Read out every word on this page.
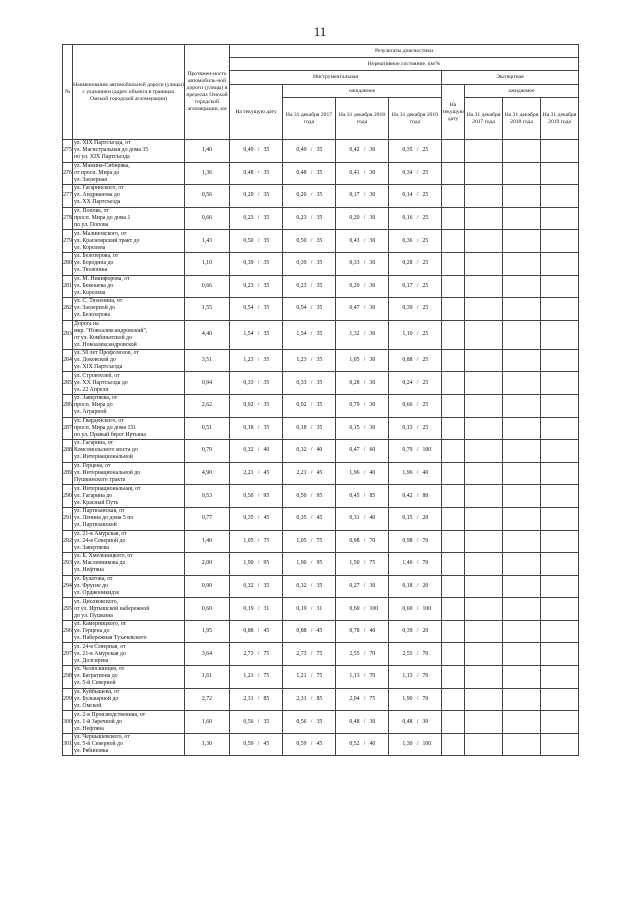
11
№	Наименование автомобильной дороги (улицы) с указанием (адрес объекта в границах Омской городской агломерации)	Протяжен-ность автомобиль-ной дороги (улицы) в пределах Омской городской агломерации, км	Результаты диагностики							
			Нормативное состояние, км/%							
			Инструментальная				Экспертная			
			На текущую дату	ожидаемое			На текущую дату	ожидаемое		
				На 31 декабря 2017 года	На 31 декабря 2018 года	На 31 декабря 2019 года		На 31 декабря 2017 года	На 31 декабря 2018 года	На 31 декабря 2019 года
275	ул. XIX Партсъезда, от
ул. Магистральная до дома 35
по ул. XIX Партсъезда	1,40	0,49 / 35	0,49 / 35	0,42 / 30	0,35 / 25				
276	ул. Мамина-Сибиряка,
от просп. Мира до
ул. Заозерная	1,36	0,48 / 35	0,48 / 35	0,41 / 30	0,34 / 25				
277	ул. Гагаринского, от
ул. Андрианова до
ул. XX Партсъезда	0,56	0,20 / 35	0,20 / 35	0,17 / 30	0,14 / 25				
278	ул. Попова, от
просп. Мира до дома 1
по ул. Попова	0,66	0,23 / 35	0,23 / 35	0,20 / 30	0,16 / 25				
279	ул. Малиновского, от
ул. Красноярский тракт до
ул. Королева	1,43	0,50 / 35	0,50 / 35	0,43 / 30	0,36 / 25				
280	ул. Белозерова, от
ул. Бородина до
ул. Тюленина	1,10	0,39 / 35	0,39 / 35	0,33 / 30	0,28 / 25				
281	ул. М. Никифорова, от
ул. Бекешева до
ул. Королева	0,66	0,23 / 35	0,23 / 35	0,20 / 30	0,17 / 25				
282	ул. С. Тюленина, от
ул. Заозерной до
ул. Белозерова	1,55	0,54 / 35	0,54 / 35	0,47 / 30	0,39 / 25				
283	Дорога на
мкр. "Новоалександровский",
от ул. Комбинатской до
ул. Новоалександровской	4,40	1,54 / 35	1,54 / 35	1,32 / 30	1,10 / 25				
284	ул. 50 лет Профсоюзов, от
ул. Доковской до
ул. XIX Партсъезда	3,51	1,23 / 35	1,23 / 35	1,05 / 30	0,88 / 25				
285	ул. Строителей, от
ул. XX Партсъезда до
ул. 22 Апреля	0,94	0,33 / 35	0,33 / 35	0,28 / 30	0,24 / 25				
286	ул. Завертяева, от
просп. Мира до
ул. Аграрной	2,62	0,92 / 35	0,92 / 35	0,79 / 30	0,66 / 25				
287	ул. Гвардейского, от
просп. Мира до дома 151
по ул. Правый берег Иртыша	0,51	0,18 / 35	0,18 / 35	0,15 / 30	0,13 / 25				
288	ул. Гагарина, от
Комсомольского моста до
ул. Интернациональной	0,79	0,32 / 40	0,32 / 40	0,47 / 60	0,79 / 100				
289	ул. Герцена, от
ул. Интернациональной до
Пушкинского тракта	4,90	2,21 / 45	2,21 / 45	1,96 / 40	1,96 / 40				
290	ул. Интернациональная, от
ул. Гагарина до
ул. Красный Путь	0,53	0,50 / 95	0,50 / 95	0,45 / 85	0,42 / 80				
291	ул. Партизанская, от
ул. Ленина до дома 5 по
ул. Партизанской	0,77	0,35 / 45	0,35 / 45	0,31 / 40	0,15 / 20				
292	ул. 21-я Амурская, от
ул. 24-я Северной до
ул. Завертяева	1,40	1,05 / 75	1,05 / 75	0,98 / 70	0,98 / 70				
293	ул. Б. Хмельницкого, от
ул. Масленникова до
ул. Нефтяна	2,00	1,90 / 95	1,90 / 95	1,50 / 75	1,40 / 70				
294	ул. Булатова, от
ул. Фрунзе до
ул. Орджоникидзе	0,90	0,32 / 35	0,32 / 35	0,27 / 30	0,18 / 20				
295	ул. Циолковского,
от ул. Иртышской набережной
до ул. Пушкина	0,60	0,19 / 31	0,19 / 31	0,60 / 100	0,60 / 100				
296	ул. Камерницкого, от
ул. Герцена до
ул. Набережная Тухачевского	1,95	0,88 / 45	0,88 / 45	0,78 / 40	0,39 / 20				
297	ул. 24-я Северная, от
ул. 21-я Амурская до
ул. Долгирева	3,64	2,73 / 75	2,73 / 75	2,55 / 70	2,55 / 70				
298	ул. Челюскинцев, от
ул. Багратиона до
ул. 5-й Северной	1,61	1,21 / 75	1,21 / 75	1,13 / 70	1,13 / 70				
299	ул. Куйбышева, от
ул. Бульварной до
ул. Омской	2,72	2,31 / 85	2,31 / 85	2,04 / 75	1,90 / 70				
300	ул. 2-я Производственная, от
ул. 1-й Заречной до
ул. Нефтяна	1,60	0,56 / 35	0,56 / 35	0,48 / 30	0,48 / 30				
301	ул. Чернышевского, от
ул. 5-й Северной до
ул. Рябиновка	1,30	0,59 / 45	0,59 / 45	0,52 / 40	1,30 / 100				
